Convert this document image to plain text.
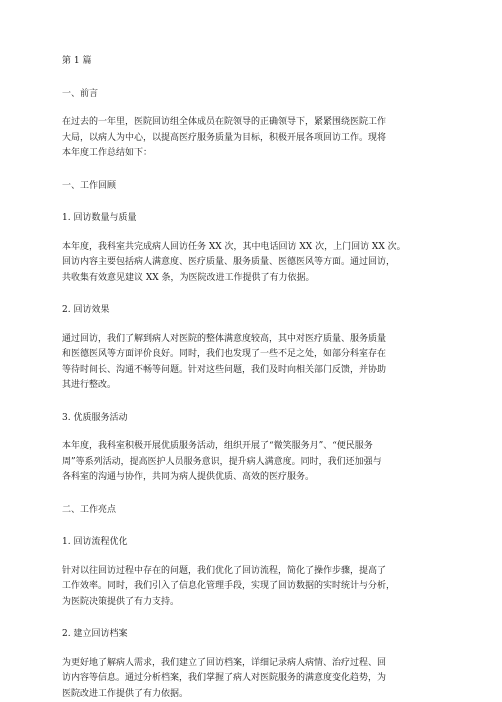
第 1 篇

一、前言

在过去的一年里，医院回访组全体成员在院领导的正确领导下，紧紧围绕医院工作

大局，以病人为中心，以提高医疗服务质量为目标，积极开展各项回访工作。现将

本年度工作总结如下：

一、工作回顾

1. 回访数量与质量

本年度，我科室共完成病人回访任务 XX 次，其中电话回访 XX 次，上门回访 XX 次。

回访内容主要包括病人满意度、医疗质量、服务质量、医德医风等方面。通过回访，

共收集有效意见建议 XX 条，为医院改进工作提供了有力依据。

2. 回访效果

通过回访，我们了解到病人对医院的整体满意度较高，其中对医疗质量、服务质量

和医德医风等方面评价良好。同时，我们也发现了一些不足之处，如部分科室存在

等待时间长、沟通不畅等问题。针对这些问题，我们及时向相关部门反馈，并协助

其进行整改。

3. 优质服务活动

本年度，我科室积极开展优质服务活动，组织开展了“微笑服务月”、“便民服务

周”等系列活动，提高医护人员服务意识，提升病人满意度。同时，我们还加强与

各科室的沟通与协作，共同为病人提供优质、高效的医疗服务。

二、工作亮点

1. 回访流程优化

针对以往回访过程中存在的问题，我们优化了回访流程，简化了操作步骤，提高了

工作效率。同时，我们引入了信息化管理手段，实现了回访数据的实时统计与分析，

为医院决策提供了有力支持。

2. 建立回访档案

为更好地了解病人需求，我们建立了回访档案，详细记录病人病情、治疗过程、回

访内容等信息。通过分析档案，我们掌握了病人对医院服务的满意度变化趋势，为

医院改进工作提供了有力依据。
